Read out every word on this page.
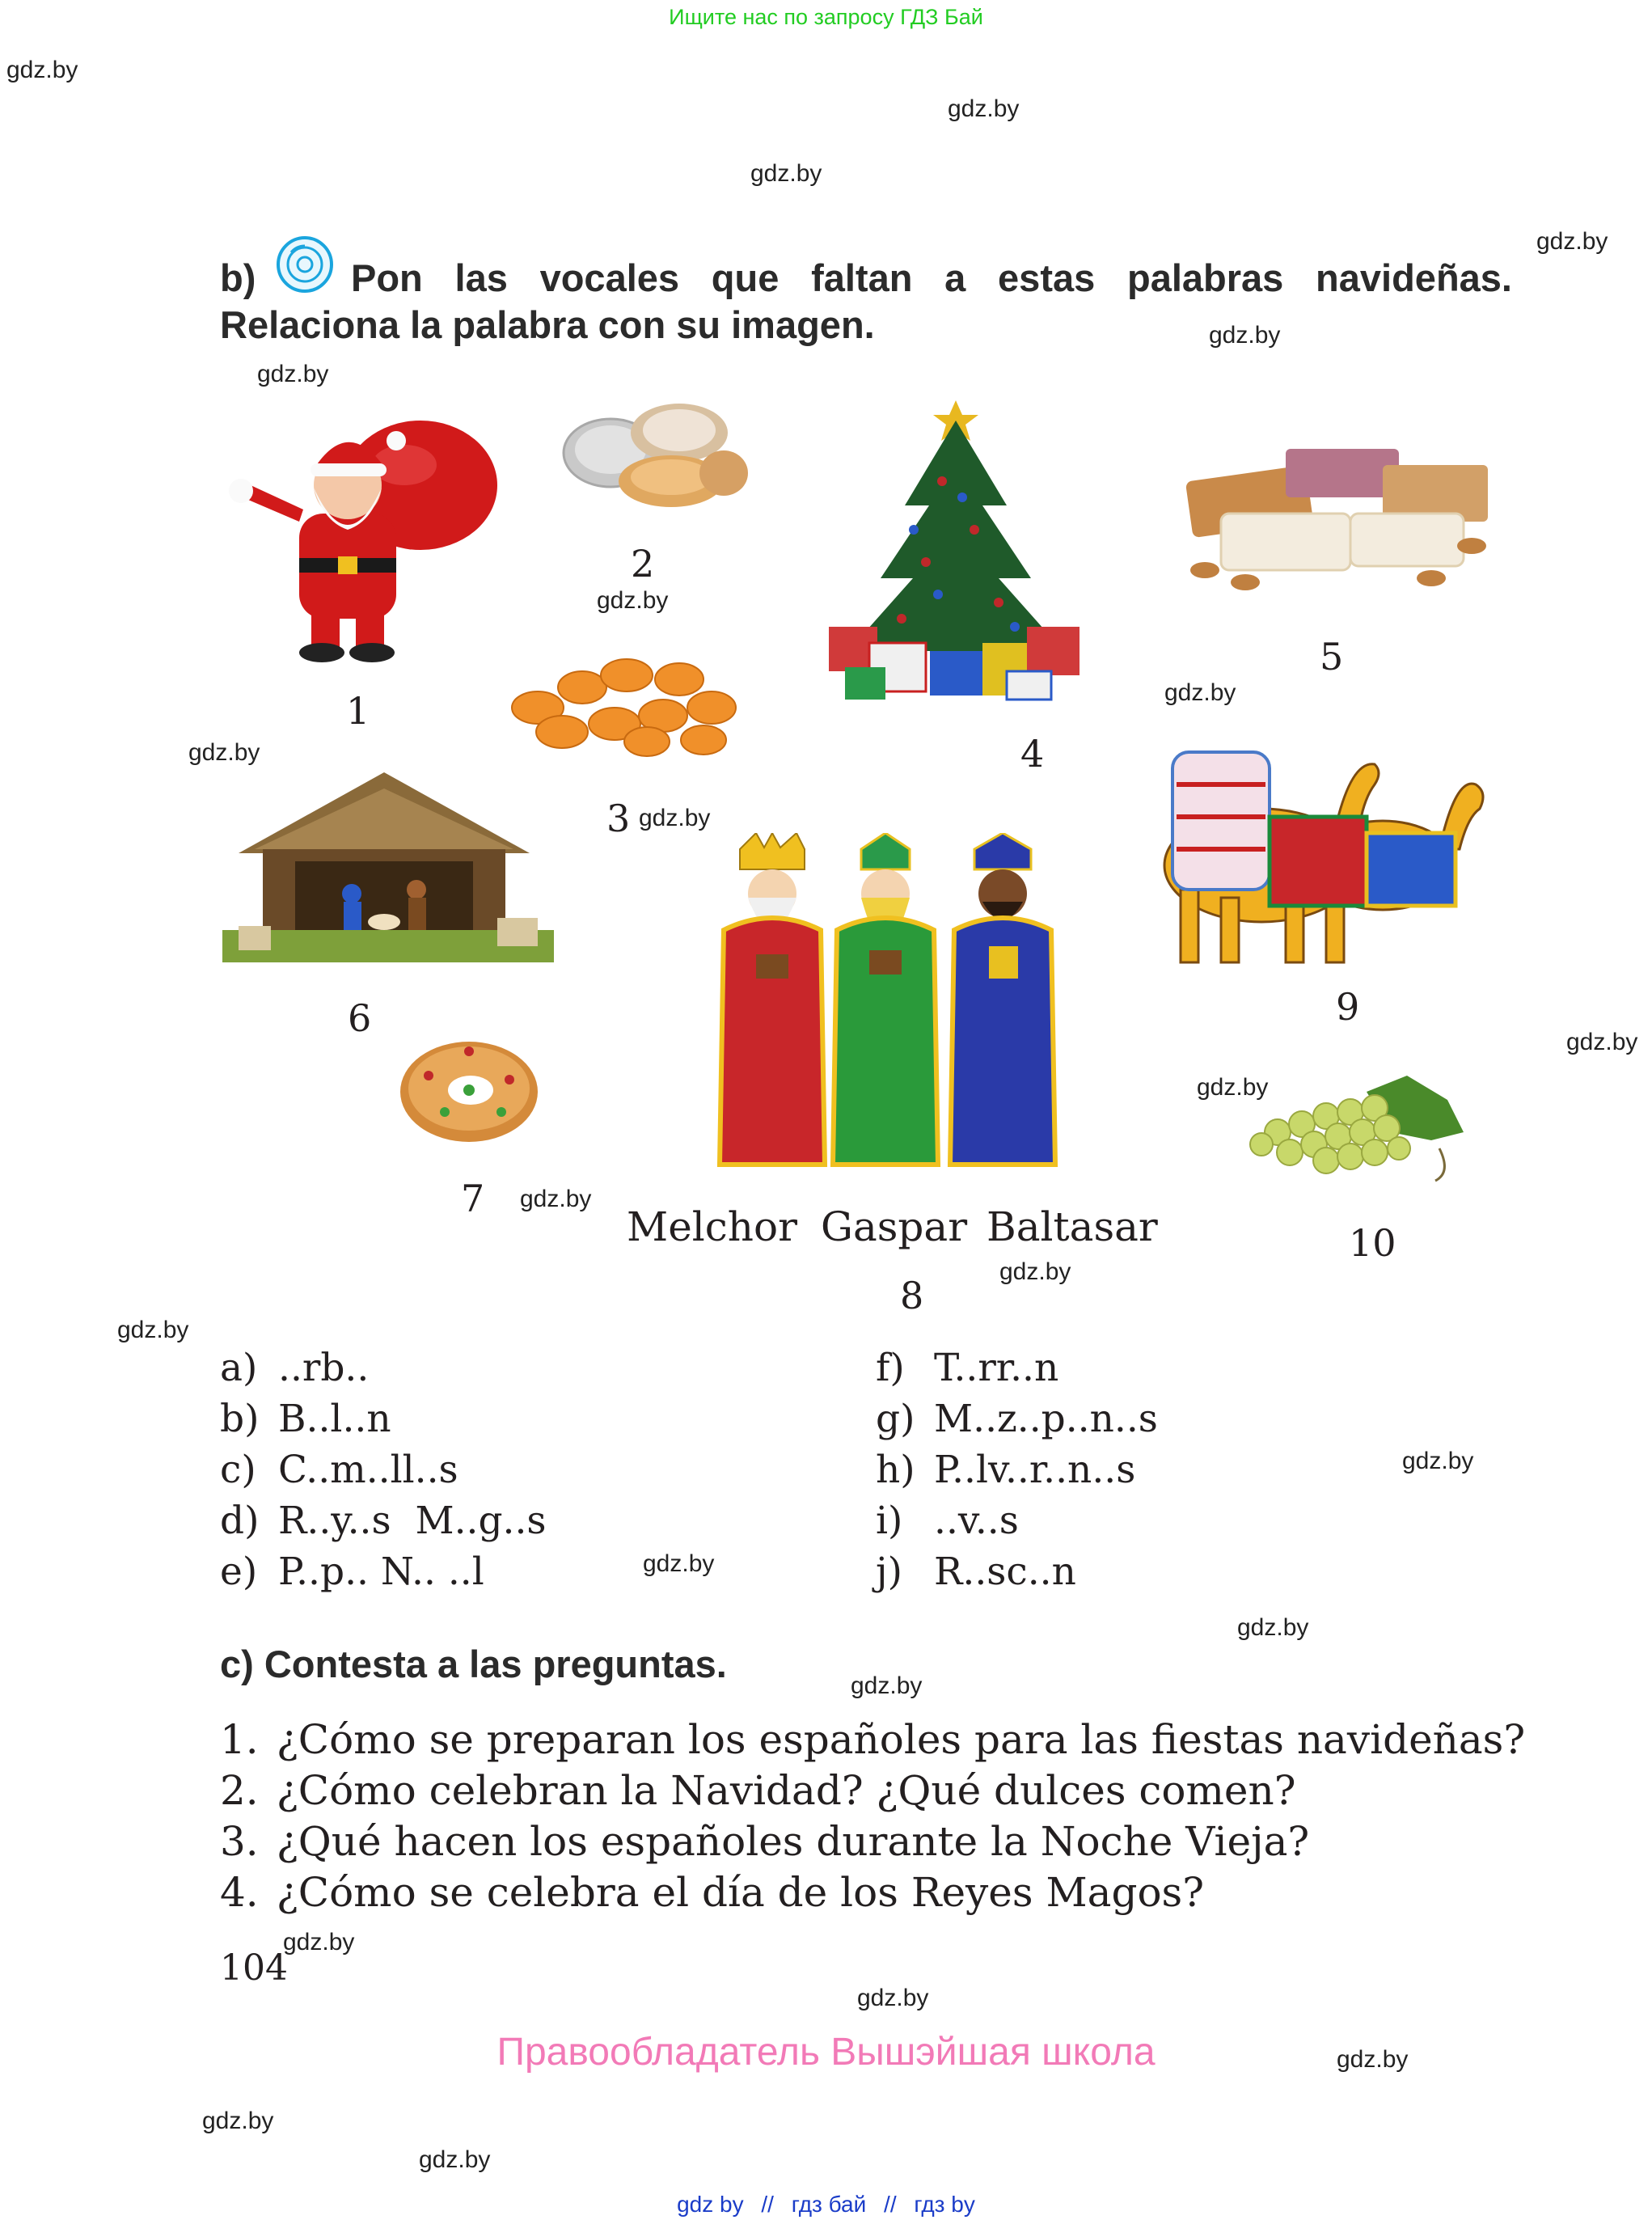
Ищите нас по запросу ГДЗ Бай
gdz.by
gdz.by
gdz.by
gdz.by
gdz.by
gdz.by
gdz.by
gdz.by
gdz.by
gdz.by
gdz.by
gdz.by
gdz.by
gdz.by
gdz.by
gdz.by
gdz.by
gdz.by
gdz.by
gdz.by
gdz.by
gdz.by
gdz.by
gdz.by
b)	Pon las vocales que faltan a estas palabras navideñas.
Relaciona la palabra con su imagen.
1
2
3
4
5
6
7
8
9
10
Melchor Gaspar Baltasar
a) ..rb..
b) B..l..n
c) C..m..ll..s
d) R..y..s  M..g..s
e) P..p.. N.. ..l
f) T..rr..n
g) M..z..p..n..s
h) P..lv..r..n..s
i) ..v..s
j) R..sc..n
c) Contesta a las preguntas.
1. ¿Cómo se preparan los españoles para las fiestas navideñas?
2. ¿Cómo celebran la Navidad? ¿Qué dulces comen?
3. ¿Qué hacen los españoles durante la Noche Vieja?
4. ¿Cómo se celebra el día de los Reyes Magos?
104
Правообладатель Вышэйшая школа
gdz by // гдз бай // гдз by
